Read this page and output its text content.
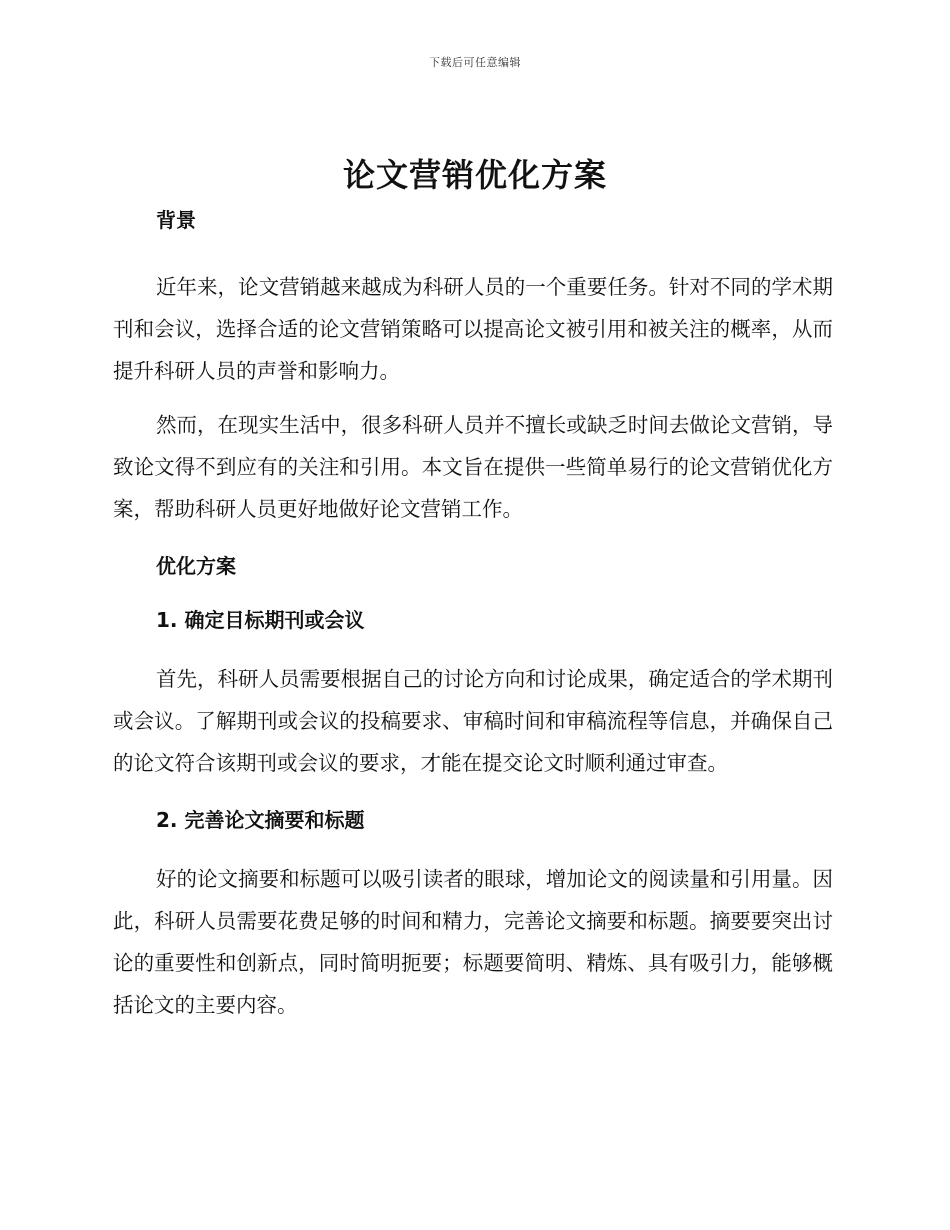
下载后可任意编辑
论文营销优化方案
背景

近年来，论文营销越来越成为科研人员的一个重要任务。针对不同的学术期刊和会议，选择合适的论文营销策略可以提高论文被引用和被关注的概率，从而提升科研人员的声誉和影响力。

然而，在现实生活中，很多科研人员并不擅长或缺乏时间去做论文营销，导致论文得不到应有的关注和引用。本文旨在提供一些简单易行的论文营销优化方案，帮助科研人员更好地做好论文营销工作。

优化方案
1. 确定目标期刊或会议

首先，科研人员需要根据自己的讨论方向和讨论成果，确定适合的学术期刊或会议。了解期刊或会议的投稿要求、审稿时间和审稿流程等信息，并确保自己的论文符合该期刊或会议的要求，才能在提交论文时顺利通过审查。

2. 完善论文摘要和标题

好的论文摘要和标题可以吸引读者的眼球，增加论文的阅读量和引用量。因此，科研人员需要花费足够的时间和精力，完善论文摘要和标题。摘要要突出讨论的重要性和创新点，同时简明扼要；标题要简明、精炼、具有吸引力，能够概括论文的主要内容。
